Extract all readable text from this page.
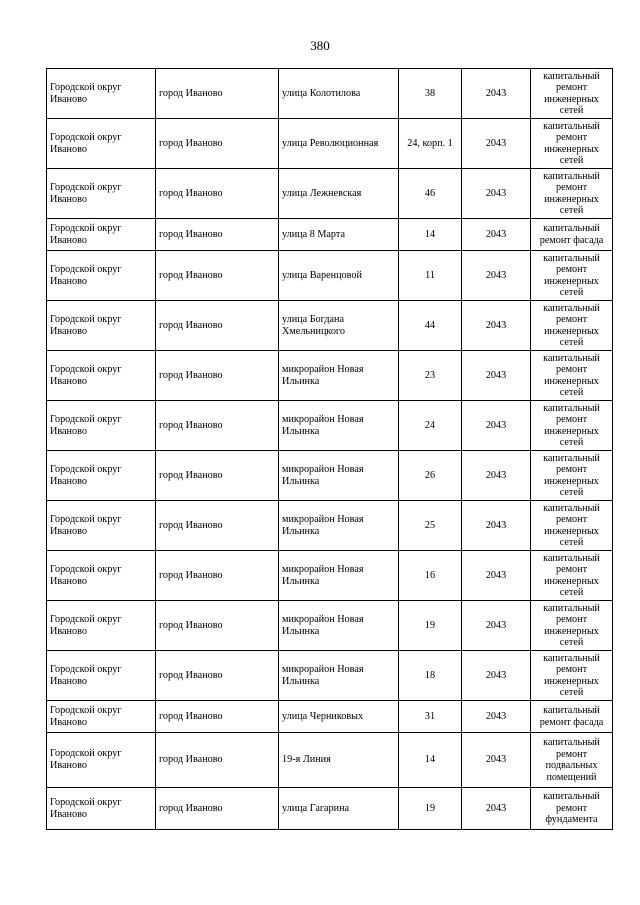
380
Городской округ Иваново	город Иваново	улица Колотилова	38	2043	капитальный ремонт инженерных сетей
Городской округ Иваново	город Иваново	улица Революционная	24, корп. 1	2043	капитальный ремонт инженерных сетей
Городской округ Иваново	город Иваново	улица Лежневская	46	2043	капитальный ремонт инженерных сетей
Городской округ Иваново	город Иваново	улица 8 Марта	14	2043	капитальный ремонт фасада
Городской округ Иваново	город Иваново	улица Варенцовой	11	2043	капитальный ремонт инженерных сетей
Городской округ Иваново	город Иваново	улица Богдана Хмельницкого	44	2043	капитальный ремонт инженерных сетей
Городской округ Иваново	город Иваново	микрорайон Новая Ильинка	23	2043	капитальный ремонт инженерных сетей
Городской округ Иваново	город Иваново	микрорайон Новая Ильинка	24	2043	капитальный ремонт инженерных сетей
Городской округ Иваново	город Иваново	микрорайон Новая Ильинка	26	2043	капитальный ремонт инженерных сетей
Городской округ Иваново	город Иваново	микрорайон Новая Ильинка	25	2043	капитальный ремонт инженерных сетей
Городской округ Иваново	город Иваново	микрорайон Новая Ильинка	16	2043	капитальный ремонт инженерных сетей
Городской округ Иваново	город Иваново	микрорайон Новая Ильинка	19	2043	капитальный ремонт инженерных сетей
Городской округ Иваново	город Иваново	микрорайон Новая Ильинка	18	2043	капитальный ремонт инженерных сетей
Городской округ Иваново	город Иваново	улица Черниковых	31	2043	капитальный ремонт фасада
Городской округ Иваново	город Иваново	19-я Линия	14	2043	капитальный ремонт подвальных помещений
Городской округ Иваново	город Иваново	улица Гагарина	19	2043	капитальный ремонт фундамента
